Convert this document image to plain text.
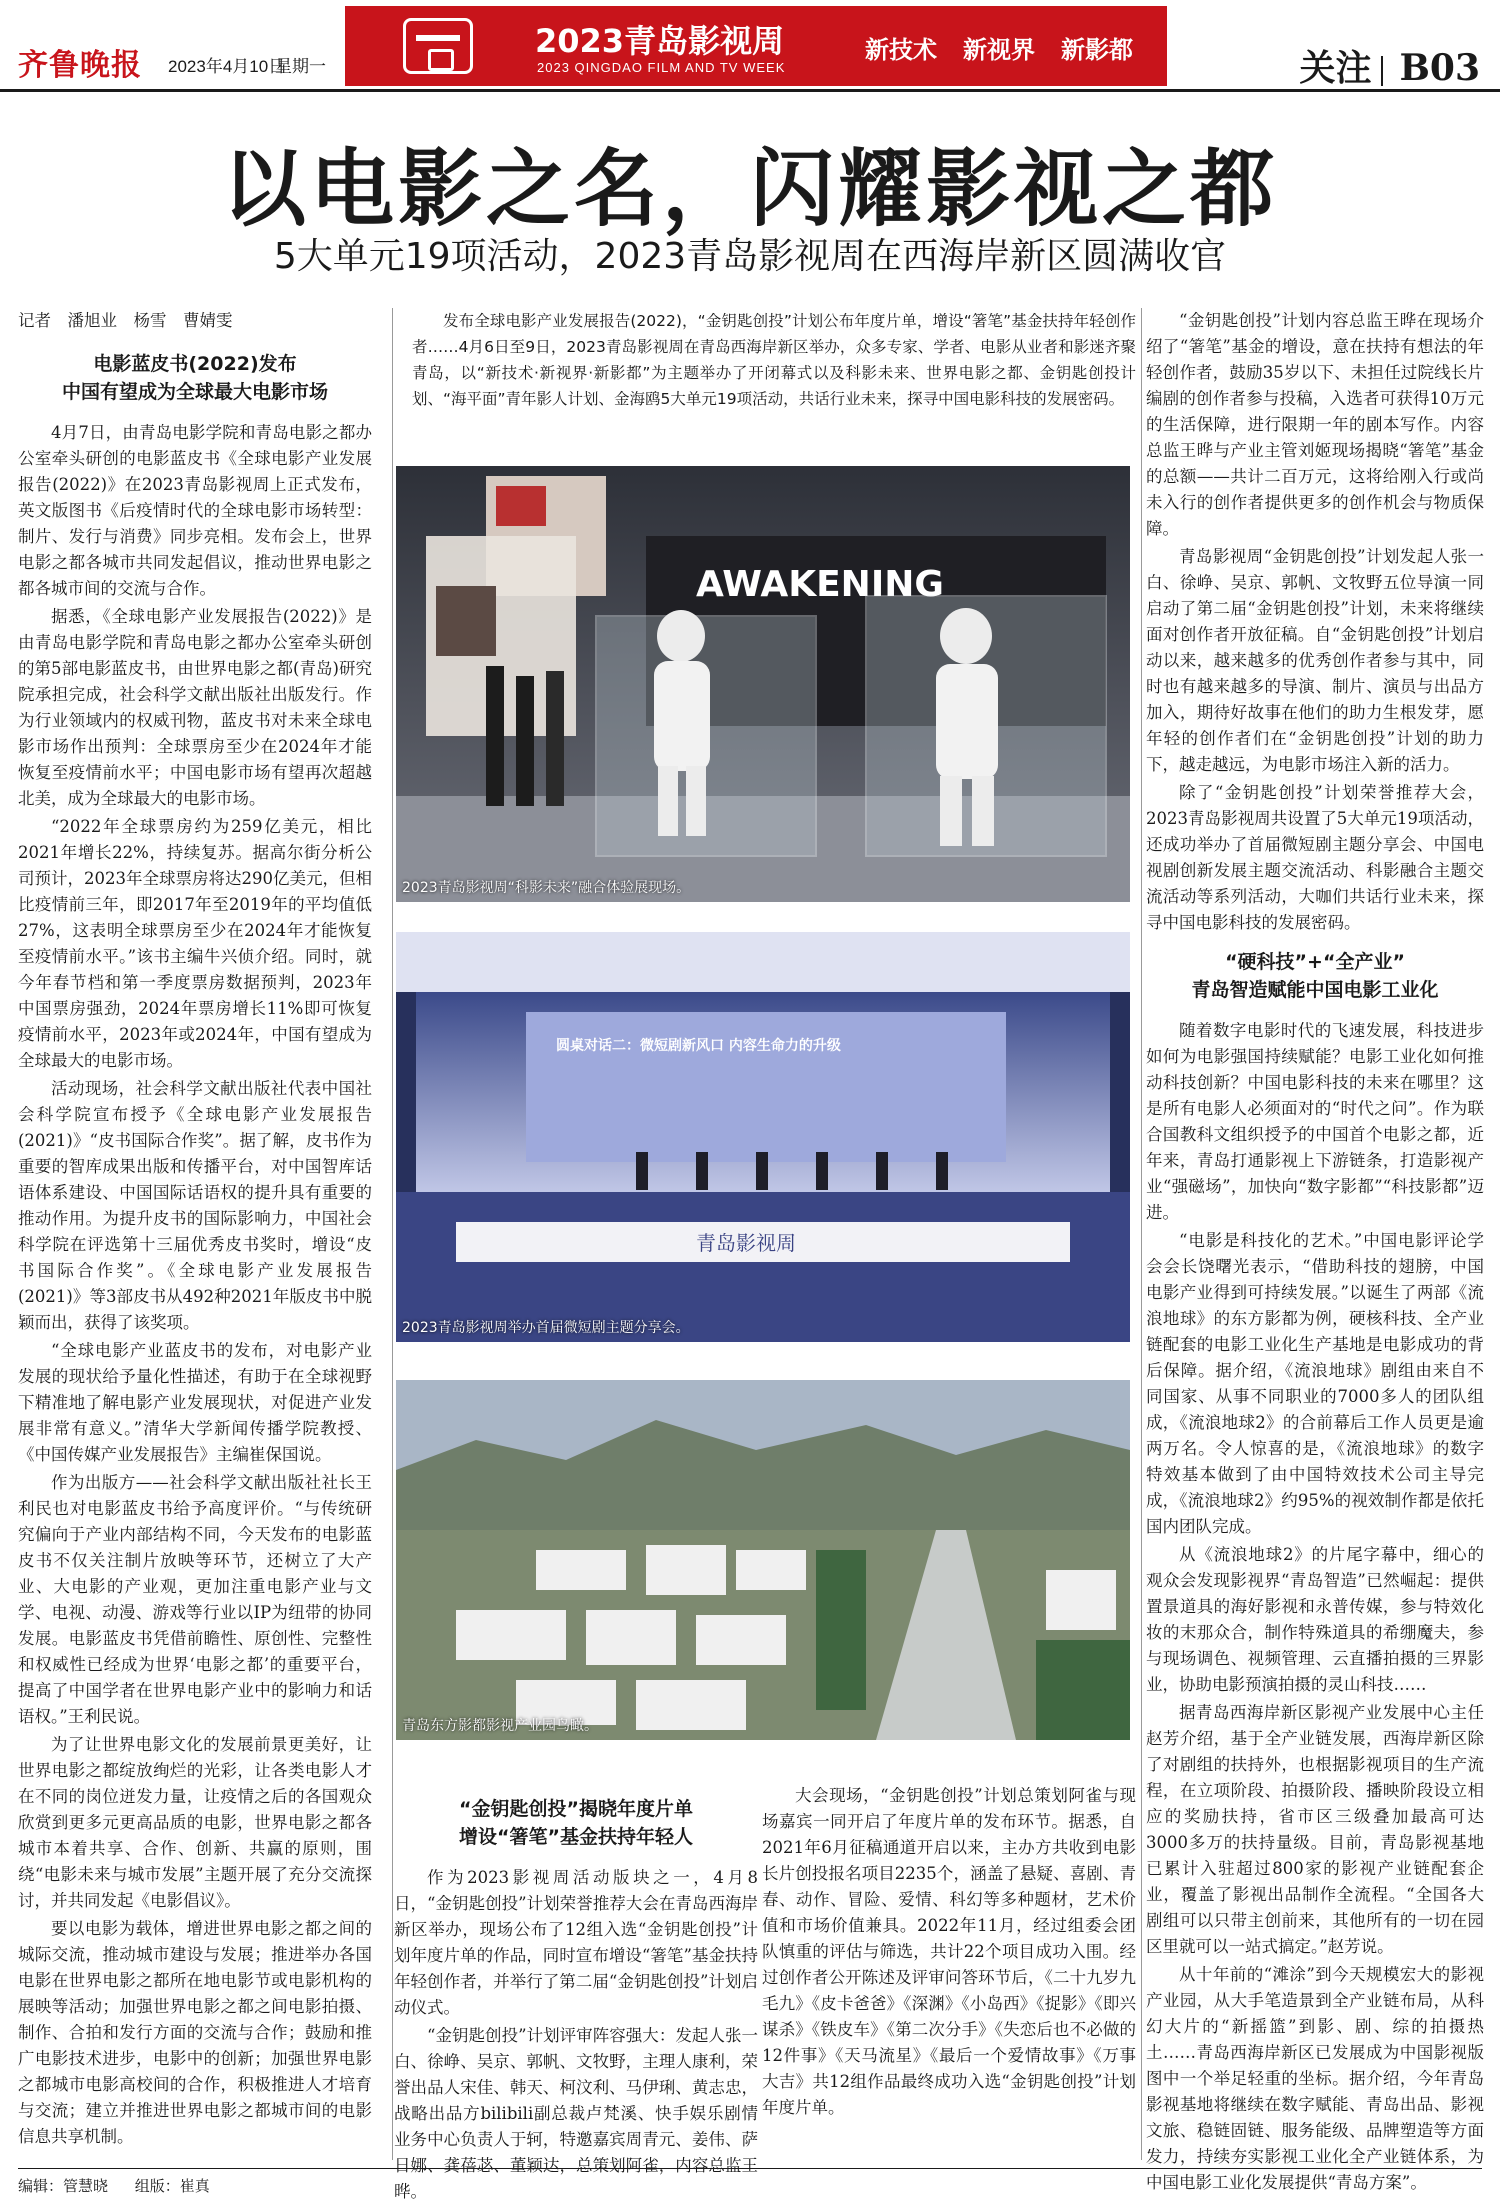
齐鲁晚报 2023年4月10日
星期一
2023青岛影视周
2023 QINGDAO FILM AND TV WEEK
新技术 新视界 新影都	关注 B03
以电影之名，闪耀影视之都
5大单元19项活动，2023青岛影视周在西海岸新区圆满收官
记者　潘旭业　杨雪　曹婧雯
电影蓝皮书(2022)发布
中国有望成为全球最大电影市场

4月7日，由青岛电影学院和青岛电影之都办公室牵头研创的电影蓝皮书《全球电影产业发展报告(2022)》在2023青岛影视周上正式发布，英文版图书《后疫情时代的全球电影市场转型：制片、发行与消费》同步亮相。发布会上，世界电影之都各城市共同发起倡议，推动世界电影之都各城市间的交流与合作。

据悉，《全球电影产业发展报告(2022)》是由青岛电影学院和青岛电影之都办公室牵头研创的第5部电影蓝皮书，由世界电影之都(青岛)研究院承担完成，社会科学文献出版社出版发行。作为行业领域内的权威刊物，蓝皮书对未来全球电影市场作出预判：全球票房至少在2024年才能恢复至疫情前水平；中国电影市场有望再次超越北美，成为全球最大的电影市场。

“2022年全球票房约为259亿美元，相比2021年增长22%，持续复苏。据高尔街分析公司预计，2023年全球票房将达290亿美元，但相比疫情前三年，即2017年至2019年的平均值低27%，这表明全球票房至少在2024年才能恢复至疫情前水平。”该书主编牛兴侦介绍。同时，就今年春节档和第一季度票房数据预判，2023年中国票房强劲，2024年票房增长11%即可恢复疫情前水平，2023年或2024年，中国有望成为全球最大的电影市场。

活动现场，社会科学文献出版社代表中国社会科学院宣布授予《全球电影产业发展报告(2021)》“皮书国际合作奖”。据了解，皮书作为重要的智库成果出版和传播平台，对中国智库话语体系建设、中国国际话语权的提升具有重要的推动作用。为提升皮书的国际影响力，中国社会科学院在评选第十三届优秀皮书奖时，增设“皮书国际合作奖”。《全球电影产业发展报告(2021)》等3部皮书从492种2021年版皮书中脱颖而出，获得了该奖项。

“全球电影产业蓝皮书的发布，对电影产业发展的现状给予量化性描述，有助于在全球视野下精准地了解电影产业发展现状，对促进产业发展非常有意义。”清华大学新闻传播学院教授、《中国传媒产业发展报告》主编崔保国说。

作为出版方——社会科学文献出版社社长王利民也对电影蓝皮书给予高度评价。“与传统研究偏向于产业内部结构不同，今天发布的电影蓝皮书不仅关注制片放映等环节，还树立了大产业、大电影的产业观，更加注重电影产业与文学、电视、动漫、游戏等行业以IP为纽带的协同发展。电影蓝皮书凭借前瞻性、原创性、完整性和权威性已经成为世界‘电影之都’的重要平台，提高了中国学者在世界电影产业中的影响力和话语权。”王利民说。

为了让世界电影文化的发展前景更美好，让世界电影之都绽放绚烂的光彩，让各类电影人才在不同的岗位迸发力量，让疫情之后的各国观众欣赏到更多元更高品质的电影，世界电影之都各城市本着共享、合作、创新、共赢的原则，围绕“电影未来与城市发展”主题开展了充分交流探讨，并共同发起《电影倡议》。

要以电影为载体，增进世界电影之都之间的城际交流，推动城市建设与发展；推进举办各国电影在世界电影之都所在地电影节或电影机构的展映等活动；加强世界电影之都之间电影拍摄、制作、合拍和发行方面的交流与合作；鼓励和推广电影技术进步，电影中的创新；加强世界电影之都城市电影高校间的合作，积极推进人才培育与交流；建立并推进世界电影之都城市间的电影信息共享机制。

发布全球电影产业发展报告(2022)，“金钥匙创投”计划公布年度片单，增设“箸笔”基金扶持年轻创作者……4月6日至9日，2023青岛影视周在青岛西海岸新区举办，众多专家、学者、电影从业者和影迷齐聚青岛，以“新技术·新视界·新影都”为主题举办了开闭幕式以及科影未来、世界电影之都、金钥匙创投计划、“海平面”青年影人计划、金海鸥5大单元19项活动，共话行业未来，探寻中国电影科技的发展密码。

AWAKENING
2023青岛影视周“科影未来”融合体验展现场。
圆桌对话二：微短剧新风口 内容生命力的升级
青岛影视周
2023青岛影视周举办首届微短剧主题分享会。
青岛东方影都影视产业园鸟瞰。
“金钥匙创投”揭晓年度片单
增设“箸笔”基金扶持年轻人

作为2023影视周活动版块之一，4月8日，“金钥匙创投”计划荣誉推荐大会在青岛西海岸新区举办，现场公布了12组入选“金钥匙创投”计划年度片单的作品，同时宣布增设“箸笔”基金扶持年轻创作者，并举行了第二届“金钥匙创投”计划启动仪式。

“金钥匙创投”计划评审阵容强大：发起人张一白、徐峥、吴京、郭帆、文牧野，主理人康利，荣誉出品人宋佳、韩天、柯汶利、马伊琍、黄志忠，战略出品方bilibili副总裁卢梵溪、快手娱乐剧情业务中心负责人于轲，特邀嘉宾周青元、姜伟、萨日娜、龚蓓苾、董颖达，总策划阿雀，内容总监王晔。

大会现场，“金钥匙创投”计划总策划阿雀与现场嘉宾一同开启了年度片单的发布环节。据悉，自2021年6月征稿通道开启以来，主办方共收到电影长片创投报名项目2235个，涵盖了悬疑、喜剧、青春、动作、冒险、爱情、科幻等多种题材，艺术价值和市场价值兼具。2022年11月，经过组委会团队慎重的评估与筛选，共计22个项目成功入围。经过创作者公开陈述及评审问答环节后，《二十九岁九毛九》《皮卡爸爸》《深渊》《小岛西》《捉影》《即兴谋杀》《铁皮车》《第二次分手》《失恋后也不必做的12件事》《天马流星》《最后一个爱情故事》《万事大吉》共12组作品最终成功入选“金钥匙创投”计划年度片单。

“金钥匙创投”计划内容总监王晔在现场介绍了“箸笔”基金的增设，意在扶持有想法的年轻创作者，鼓励35岁以下、未担任过院线长片编剧的创作者参与投稿，入选者可获得10万元的生活保障，进行限期一年的剧本写作。内容总监王晔与产业主管刘姬现场揭晓“箸笔”基金的总额——共计二百万元，这将给刚入行或尚未入行的创作者提供更多的创作机会与物质保障。

青岛影视周“金钥匙创投”计划发起人张一白、徐峥、吴京、郭帆、文牧野五位导演一同启动了第二届“金钥匙创投”计划，未来将继续面对创作者开放征稿。自“金钥匙创投”计划启动以来，越来越多的优秀创作者参与其中，同时也有越来越多的导演、制片、演员与出品方加入，期待好故事在他们的助力生根发芽，愿年轻的创作者们在“金钥匙创投”计划的助力下，越走越远，为电影市场注入新的活力。

除了“金钥匙创投”计划荣誉推荐大会，2023青岛影视周共设置了5大单元19项活动，还成功举办了首届微短剧主题分享会、中国电视剧创新发展主题交流活动、科影融合主题交流活动等系列活动，大咖们共话行业未来，探寻中国电影科技的发展密码。

“硬科技”+“全产业”
青岛智造赋能中国电影工业化

随着数字电影时代的飞速发展，科技进步如何为电影强国持续赋能？电影工业化如何推动科技创新？中国电影科技的未来在哪里？这是所有电影人必须面对的“时代之问”。作为联合国教科文组织授予的中国首个电影之都，近年来，青岛打通影视上下游链条，打造影视产业“强磁场”，加快向“数字影都”“科技影都”迈进。

“电影是科技化的艺术。”中国电影评论学会会长饶曙光表示，“借助科技的翅膀，中国电影产业得到可持续发展。”以诞生了两部《流浪地球》的东方影都为例，硬核科技、全产业链配套的电影工业化生产基地是电影成功的背后保障。据介绍，《流浪地球》剧组由来自不同国家、从事不同职业的7000多人的团队组成，《流浪地球2》的合前幕后工作人员更是逾两万名。令人惊喜的是，《流浪地球》的数字特效基本做到了由中国特效技术公司主导完成，《流浪地球2》约95%的视效制作都是依托国内团队完成。

从《流浪地球2》的片尾字幕中，细心的观众会发现影视界“青岛智造”已然崛起：提供置景道具的海好影视和永普传媒，参与特效化妆的末那众合，制作特殊道具的希绷魔夫，参与现场调色、视频管理、云直播拍摄的三界影业，协助电影预演拍摄的灵山科技……

据青岛西海岸新区影视产业发展中心主任赵芳介绍，基于全产业链发展，西海岸新区除了对剧组的扶持外，也根据影视项目的生产流程，在立项阶段、拍摄阶段、播映阶段设立相应的奖励扶持，省市区三级叠加最高可达3000多万的扶持量级。目前，青岛影视基地已累计入驻超过800家的影视产业链配套企业，覆盖了影视出品制作全流程。“全国各大剧组可以只带主创前来，其他所有的一切在园区里就可以一站式搞定。”赵芳说。

从十年前的“滩涂”到今天规模宏大的影视产业园，从大手笔造景到全产业链布局，从科幻大片的“新摇篮”到影、剧、综的拍摄热土……青岛西海岸新区已发展成为中国影视版图中一个举足轻重的坐标。据介绍，今年青岛影视基地将继续在数字赋能、青岛出品、影视文旅、稳链固链、服务能级、品牌塑造等方面发力，持续夯实影视工业化全产业链体系，为中国电影工业化发展提供“青岛方案”。

编辑：管慧晓 组版：崔真
